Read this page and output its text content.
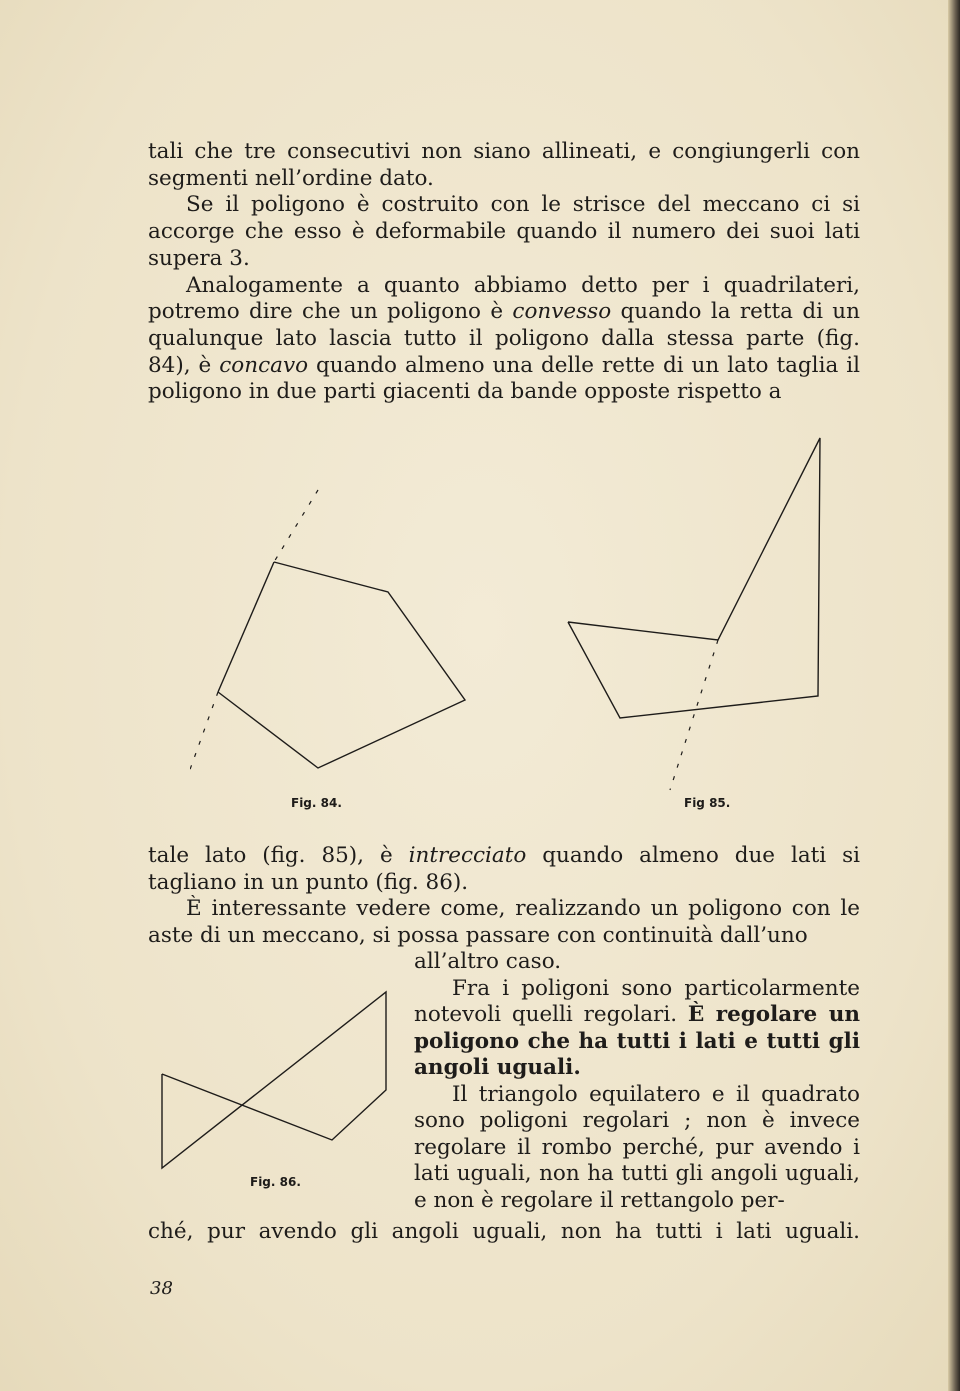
tali che tre consecutivi non siano allineati, e congiungerli con segmenti nell’ordine dato.

Se il poligono è costruito con le strisce del meccano ci si accorge che esso è deformabile quando il numero dei suoi lati supera 3.

Analogamente a quanto abbiamo detto per i quadrilateri, potremo dire che un poligono è convesso quando la retta di un qualunque lato lascia tutto il poligono dalla stessa parte (fig. 84), è concavo quando almeno una delle rette di un lato taglia il poligono in due parti giacenti da bande opposte rispetto a

Fig. 84.	Fig 85.

tale lato (fig. 85), è intrecciato quando almeno due lati si tagliano in un punto (fig. 86).

È interessante vedere come, realizzando un poligono con le aste di un meccano, si possa passare con continuità dall’uno

Fig. 86.

all’altro caso.

Fra i poligoni sono particolarmente notevoli quelli regolari. È regolare un poligono che ha tutti i lati e tutti gli angoli uguali.

Il triangolo equilatero e il quadrato sono poligoni regolari ; non è invece regolare il rombo perché, pur avendo i lati uguali, non ha tutti gli angoli uguali, e non è regolare il rettangolo per-

ché, pur avendo gli angoli uguali, non ha tutti i lati uguali.
38
